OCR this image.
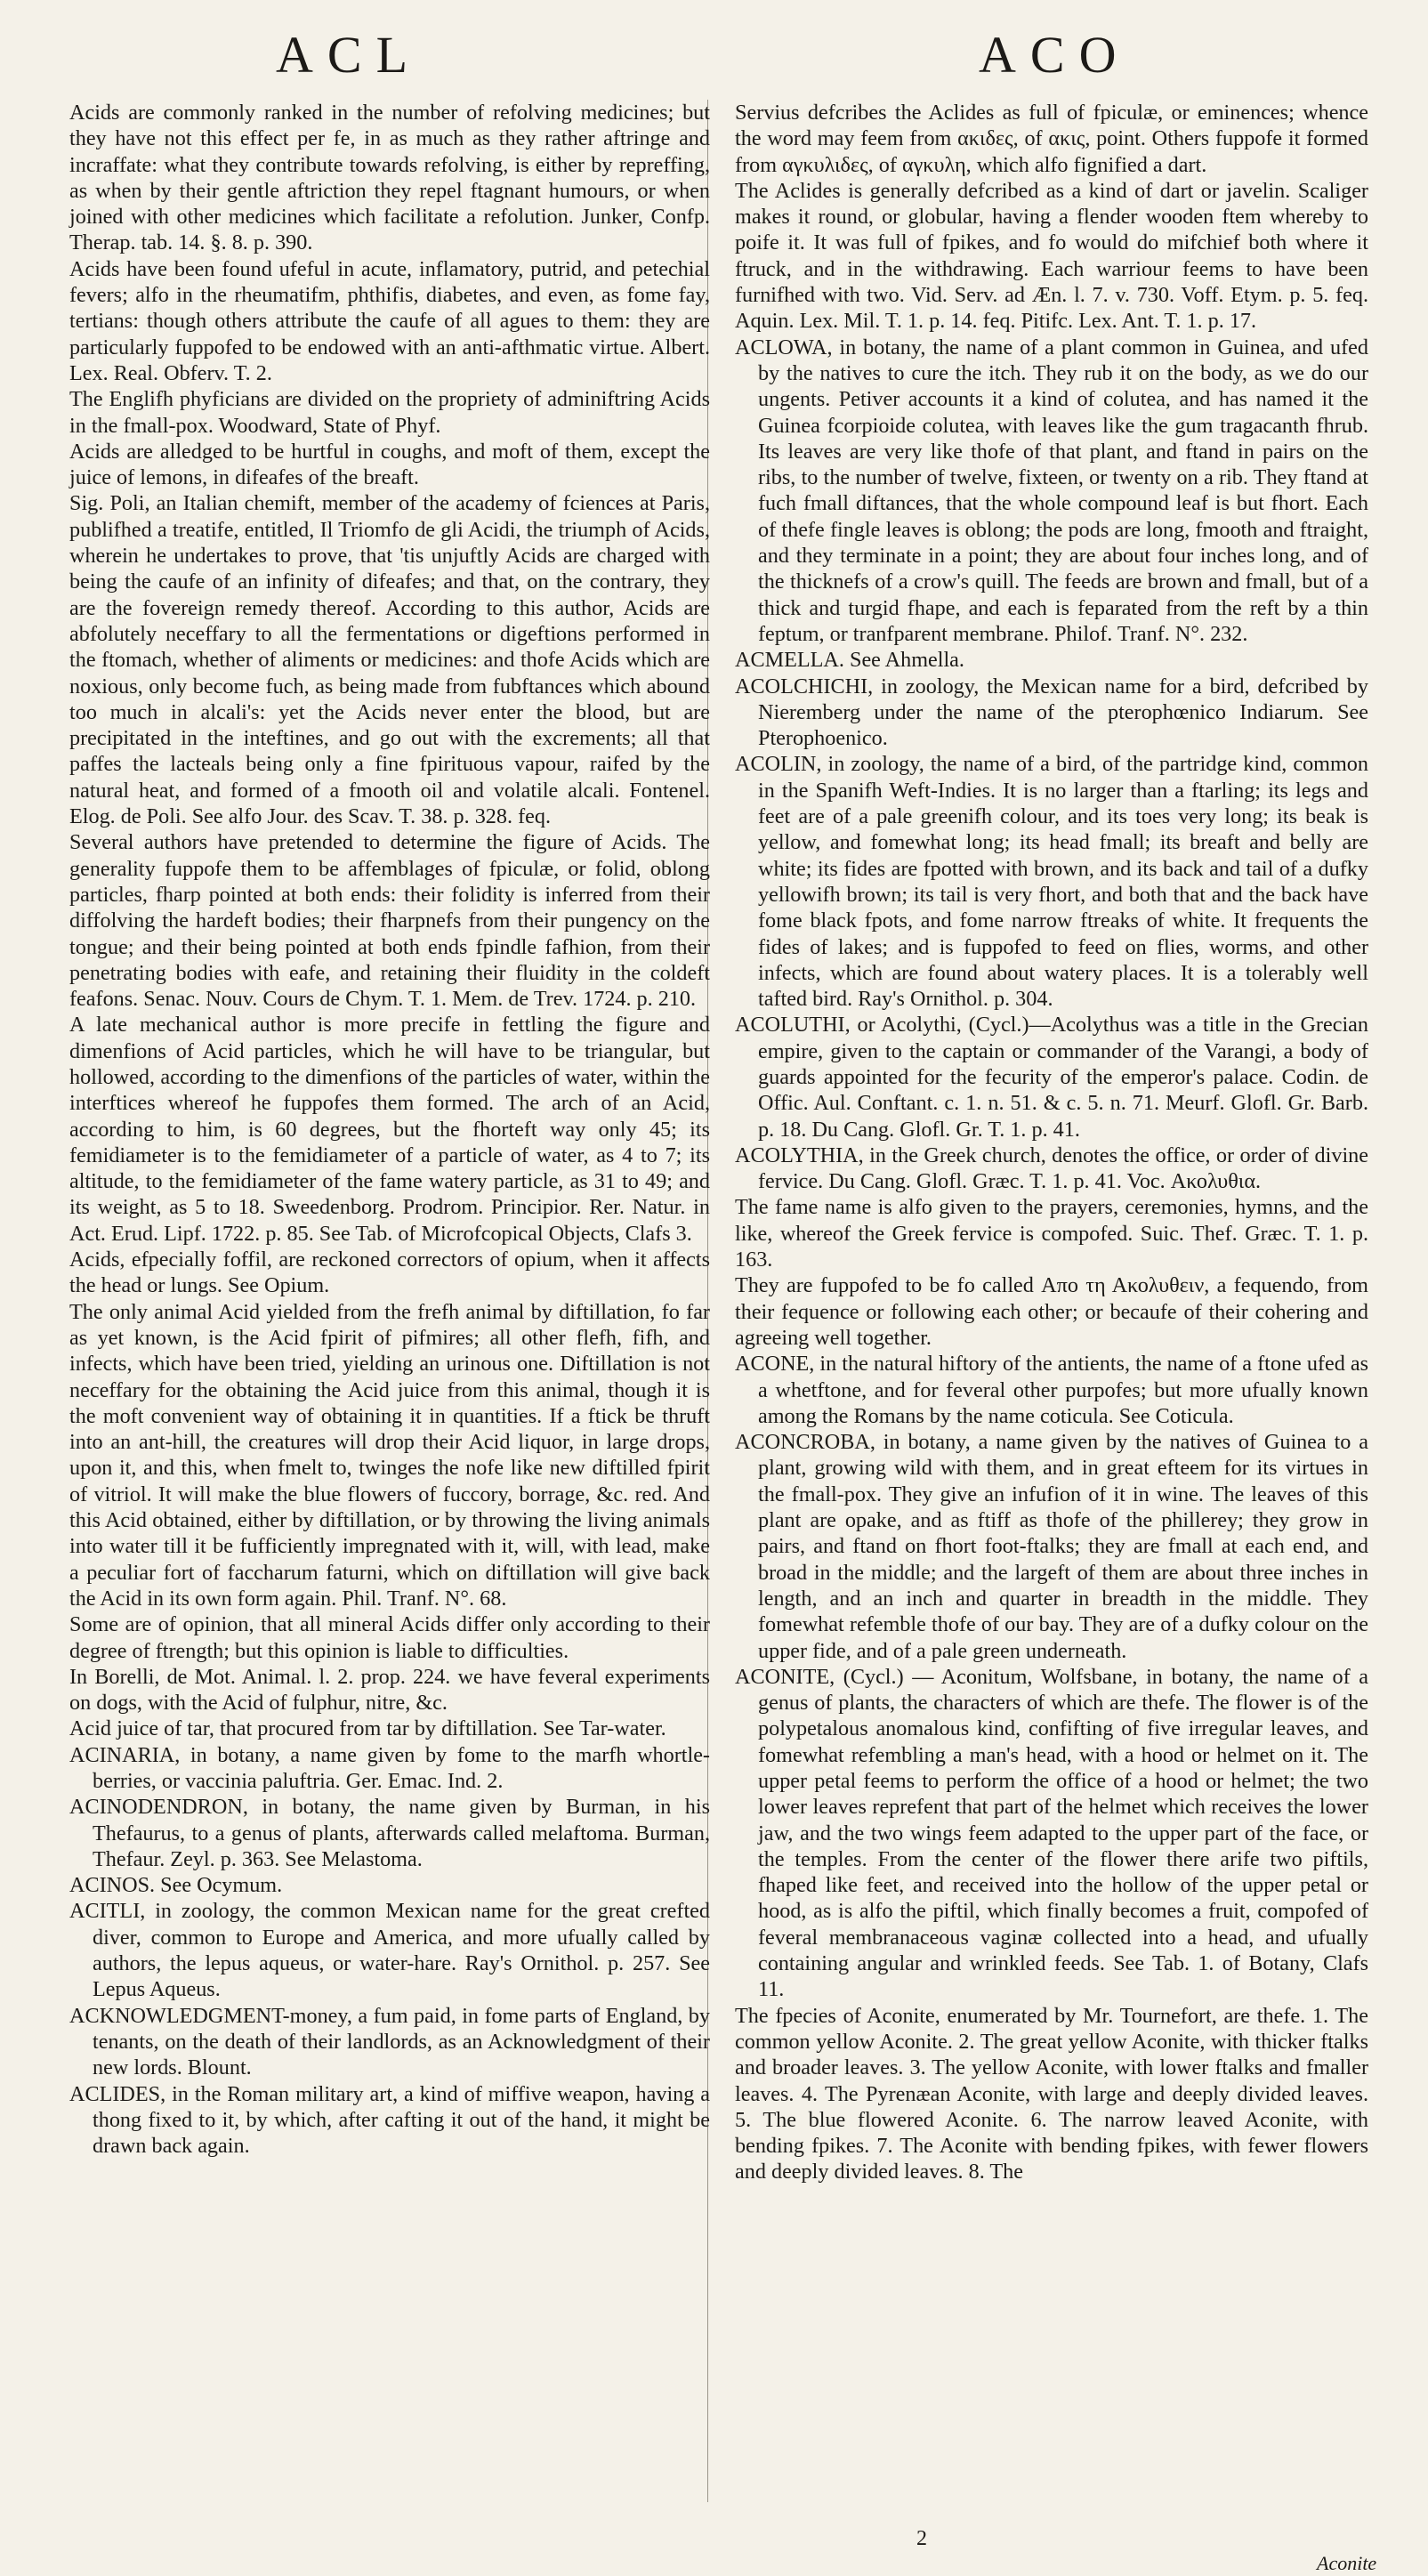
ACL	ACO

Acids are commonly ranked in the number of refolving medicines; but they have not this effect per fe, in as much as they rather aftringe and incraffate: what they contribute towards refolving, is either by repreffing, as when by their gentle aftriction they repel ftagnant humours, or when joined with other medicines which facilitate a refolution. Junker, Confp. Therap. tab. 14. §. 8. p. 390.

Acids have been found ufeful in acute, inflamatory, putrid, and petechial fevers; alfo in the rheumatifm, phthifis, diabetes, and even, as fome fay, tertians: though others attribute the caufe of all agues to them: they are particularly fuppofed to be endowed with an anti-afthmatic virtue. Albert. Lex. Real. Obferv. T. 2.

The Englifh phyficians are divided on the propriety of adminiftring Acids in the fmall-pox. Woodward, State of Phyf.

Acids are alledged to be hurtful in coughs, and moft of them, except the juice of lemons, in difeafes of the breaft.

Sig. Poli, an Italian chemift, member of the academy of fciences at Paris, publifhed a treatife, entitled, Il Triomfo de gli Acidi, the triumph of Acids, wherein he undertakes to prove, that 'tis unjuftly Acids are charged with being the caufe of an infinity of difeafes; and that, on the contrary, they are the fovereign remedy thereof. According to this author, Acids are abfolutely neceffary to all the fermentations or digeftions performed in the ftomach, whether of aliments or medicines: and thofe Acids which are noxious, only become fuch, as being made from fubftances which abound too much in alcali's: yet the Acids never enter the blood, but are precipitated in the inteftines, and go out with the excrements; all that paffes the lacteals being only a fine fpirituous vapour, raifed by the natural heat, and formed of a fmooth oil and volatile alcali. Fontenel. Elog. de Poli. See alfo Jour. des Scav. T. 38. p. 328. feq.

Several authors have pretended to determine the figure of Acids. The generality fuppofe them to be affemblages of fpiculæ, or folid, oblong particles, fharp pointed at both ends: their folidity is inferred from their diffolving the hardeft bodies; their fharpnefs from their pungency on the tongue; and their being pointed at both ends fpindle fafhion, from their penetrating bodies with eafe, and retaining their fluidity in the coldeft feafons. Senac. Nouv. Cours de Chym. T. 1. Mem. de Trev. 1724. p. 210.

A late mechanical author is more precife in fettling the figure and dimenfions of Acid particles, which he will have to be triangular, but hollowed, according to the dimenfions of the particles of water, within the interftices whereof he fuppofes them formed. The arch of an Acid, according to him, is 60 degrees, but the fhorteft way only 45; its femidiameter is to the femidiameter of a particle of water, as 4 to 7; its altitude, to the femidiameter of the fame watery particle, as 31 to 49; and its weight, as 5 to 18. Sweedenborg. Prodrom. Principior. Rer. Natur. in Act. Erud. Lipf. 1722. p. 85. See Tab. of Microfcopical Objects, Clafs 3.

Acids, efpecially foffil, are reckoned correctors of opium, when it affects the head or lungs. See Opium.

The only animal Acid yielded from the frefh animal by diftillation, fo far as yet known, is the Acid fpirit of pifmires; all other flefh, fifh, and infects, which have been tried, yielding an urinous one. Diftillation is not neceffary for the obtaining the Acid juice from this animal, though it is the moft convenient way of obtaining it in quantities. If a ftick be thruft into an ant-hill, the creatures will drop their Acid liquor, in large drops, upon it, and this, when fmelt to, twinges the nofe like new diftilled fpirit of vitriol. It will make the blue flowers of fuccory, borrage, &c. red. And this Acid obtained, either by diftillation, or by throwing the living animals into water till it be fufficiently impregnated with it, will, with lead, make a peculiar fort of faccharum faturni, which on diftillation will give back the Acid in its own form again. Phil. Tranf. N°. 68.

Some are of opinion, that all mineral Acids differ only according to their degree of ftrength; but this opinion is liable to difficulties.

In Borelli, de Mot. Animal. l. 2. prop. 224. we have feveral experiments on dogs, with the Acid of fulphur, nitre, &c.

Acid juice of tar, that procured from tar by diftillation. See Tar-water.

ACINARIA, in botany, a name given by fome to the marfh whortle-berries, or vaccinia paluftria. Ger. Emac. Ind. 2.

ACINODENDRON, in botany, the name given by Burman, in his Thefaurus, to a genus of plants, afterwards called melaftoma. Burman, Thefaur. Zeyl. p. 363. See Melastoma.

ACINOS. See Ocymum.

ACITLI, in zoology, the common Mexican name for the great crefted diver, common to Europe and America, and more ufually called by authors, the lepus aqueus, or water-hare. Ray's Ornithol. p. 257. See Lepus Aqueus.

ACKNOWLEDGMENT-money, a fum paid, in fome parts of England, by tenants, on the death of their landlords, as an Acknowledgment of their new lords. Blount.

ACLIDES, in the Roman military art, a kind of miffive weapon, having a thong fixed to it, by which, after cafting it out of the hand, it might be drawn back again.

Servius defcribes the Aclides as full of fpiculæ, or eminences; whence the word may feem from ακιδες, of ακις, point. Others fuppofe it formed from αγκυλιδες, of αγκυλη, which alfo fignified a dart.

The Aclides is generally defcribed as a kind of dart or javelin. Scaliger makes it round, or globular, having a flender wooden ftem whereby to poife it. It was full of fpikes, and fo would do mifchief both where it ftruck, and in the withdrawing. Each warriour feems to have been furnifhed with two. Vid. Serv. ad Æn. l. 7. v. 730. Voff. Etym. p. 5. feq. Aquin. Lex. Mil. T. 1. p. 14. feq. Pitifc. Lex. Ant. T. 1. p. 17.

ACLOWA, in botany, the name of a plant common in Guinea, and ufed by the natives to cure the itch. They rub it on the body, as we do our ungents. Petiver accounts it a kind of colutea, and has named it the Guinea fcorpioide colutea, with leaves like the gum tragacanth fhrub. Its leaves are very like thofe of that plant, and ftand in pairs on the ribs, to the number of twelve, fixteen, or twenty on a rib. They ftand at fuch fmall diftances, that the whole compound leaf is but fhort. Each of thefe fingle leaves is oblong; the pods are long, fmooth and ftraight, and they terminate in a point; they are about four inches long, and of the thicknefs of a crow's quill. The feeds are brown and fmall, but of a thick and turgid fhape, and each is feparated from the reft by a thin feptum, or tranfparent membrane. Philof. Tranf. N°. 232.

ACMELLA. See Ahmella.

ACOLCHICHI, in zoology, the Mexican name for a bird, defcribed by Nieremberg under the name of the pterophœnico Indiarum. See Pterophoenico.

ACOLIN, in zoology, the name of a bird, of the partridge kind, common in the Spanifh Weft-Indies. It is no larger than a ftarling; its legs and feet are of a pale greenifh colour, and its toes very long; its beak is yellow, and fomewhat long; its head fmall; its breaft and belly are white; its fides are fpotted with brown, and its back and tail of a dufky yellowifh brown; its tail is very fhort, and both that and the back have fome black fpots, and fome narrow ftreaks of white. It frequents the fides of lakes; and is fuppofed to feed on flies, worms, and other infects, which are found about watery places. It is a tolerably well tafted bird. Ray's Ornithol. p. 304.

ACOLUTHI, or Acolythi, (Cycl.)—Acolythus was a title in the Grecian empire, given to the captain or commander of the Varangi, a body of guards appointed for the fecurity of the emperor's palace. Codin. de Offic. Aul. Conftant. c. 1. n. 51. & c. 5. n. 71. Meurf. Glofl. Gr. Barb. p. 18. Du Cang. Glofl. Gr. T. 1. p. 41.

ACOLYTHIA, in the Greek church, denotes the office, or order of divine fervice. Du Cang. Glofl. Græc. T. 1. p. 41. Voc. Ακολυθια.

The fame name is alfo given to the prayers, ceremonies, hymns, and the like, whereof the Greek fervice is compofed. Suic. Thef. Græc. T. 1. p. 163.

They are fuppofed to be fo called Απο τη Ακολυθειν, a fequendo, from their fequence or following each other; or becaufe of their cohering and agreeing well together.

ACONE, in the natural hiftory of the antients, the name of a ftone ufed as a whetftone, and for feveral other purpofes; but more ufually known among the Romans by the name coticula. See Coticula.

ACONCROBA, in botany, a name given by the natives of Guinea to a plant, growing wild with them, and in great efteem for its virtues in the fmall-pox. They give an infufion of it in wine. The leaves of this plant are opake, and as ftiff as thofe of the phillerey; they grow in pairs, and ftand on fhort foot-ftalks; they are fmall at each end, and broad in the middle; and the largeft of them are about three inches in length, and an inch and quarter in breadth in the middle. They fomewhat refemble thofe of our bay. They are of a dufky colour on the upper fide, and of a pale green underneath.

ACONITE, (Cycl.) — Aconitum, Wolfsbane, in botany, the name of a genus of plants, the characters of which are thefe. The flower is of the polypetalous anomalous kind, confifting of five irregular leaves, and fomewhat refembling a man's head, with a hood or helmet on it. The upper petal feems to perform the office of a hood or helmet; the two lower leaves reprefent that part of the helmet which receives the lower jaw, and the two wings feem adapted to the upper part of the face, or the temples. From the center of the flower there arife two piftils, fhaped like feet, and received into the hollow of the upper petal or hood, as is alfo the piftil, which finally becomes a fruit, compofed of feveral membranaceous vaginæ collected into a head, and ufually containing angular and wrinkled feeds. See Tab. 1. of Botany, Clafs 11.

The fpecies of Aconite, enumerated by Mr. Tournefort, are thefe. 1. The common yellow Aconite. 2. The great yellow Aconite, with thicker ftalks and broader leaves. 3. The yellow Aconite, with lower ftalks and fmaller leaves. 4. The Pyrenæan Aconite, with large and deeply divided leaves. 5. The blue flowered Aconite. 6. The narrow leaved Aconite, with bending fpikes. 7. The Aconite with bending fpikes, with fewer flowers and deeply divided leaves. 8. The

2
Aconite
